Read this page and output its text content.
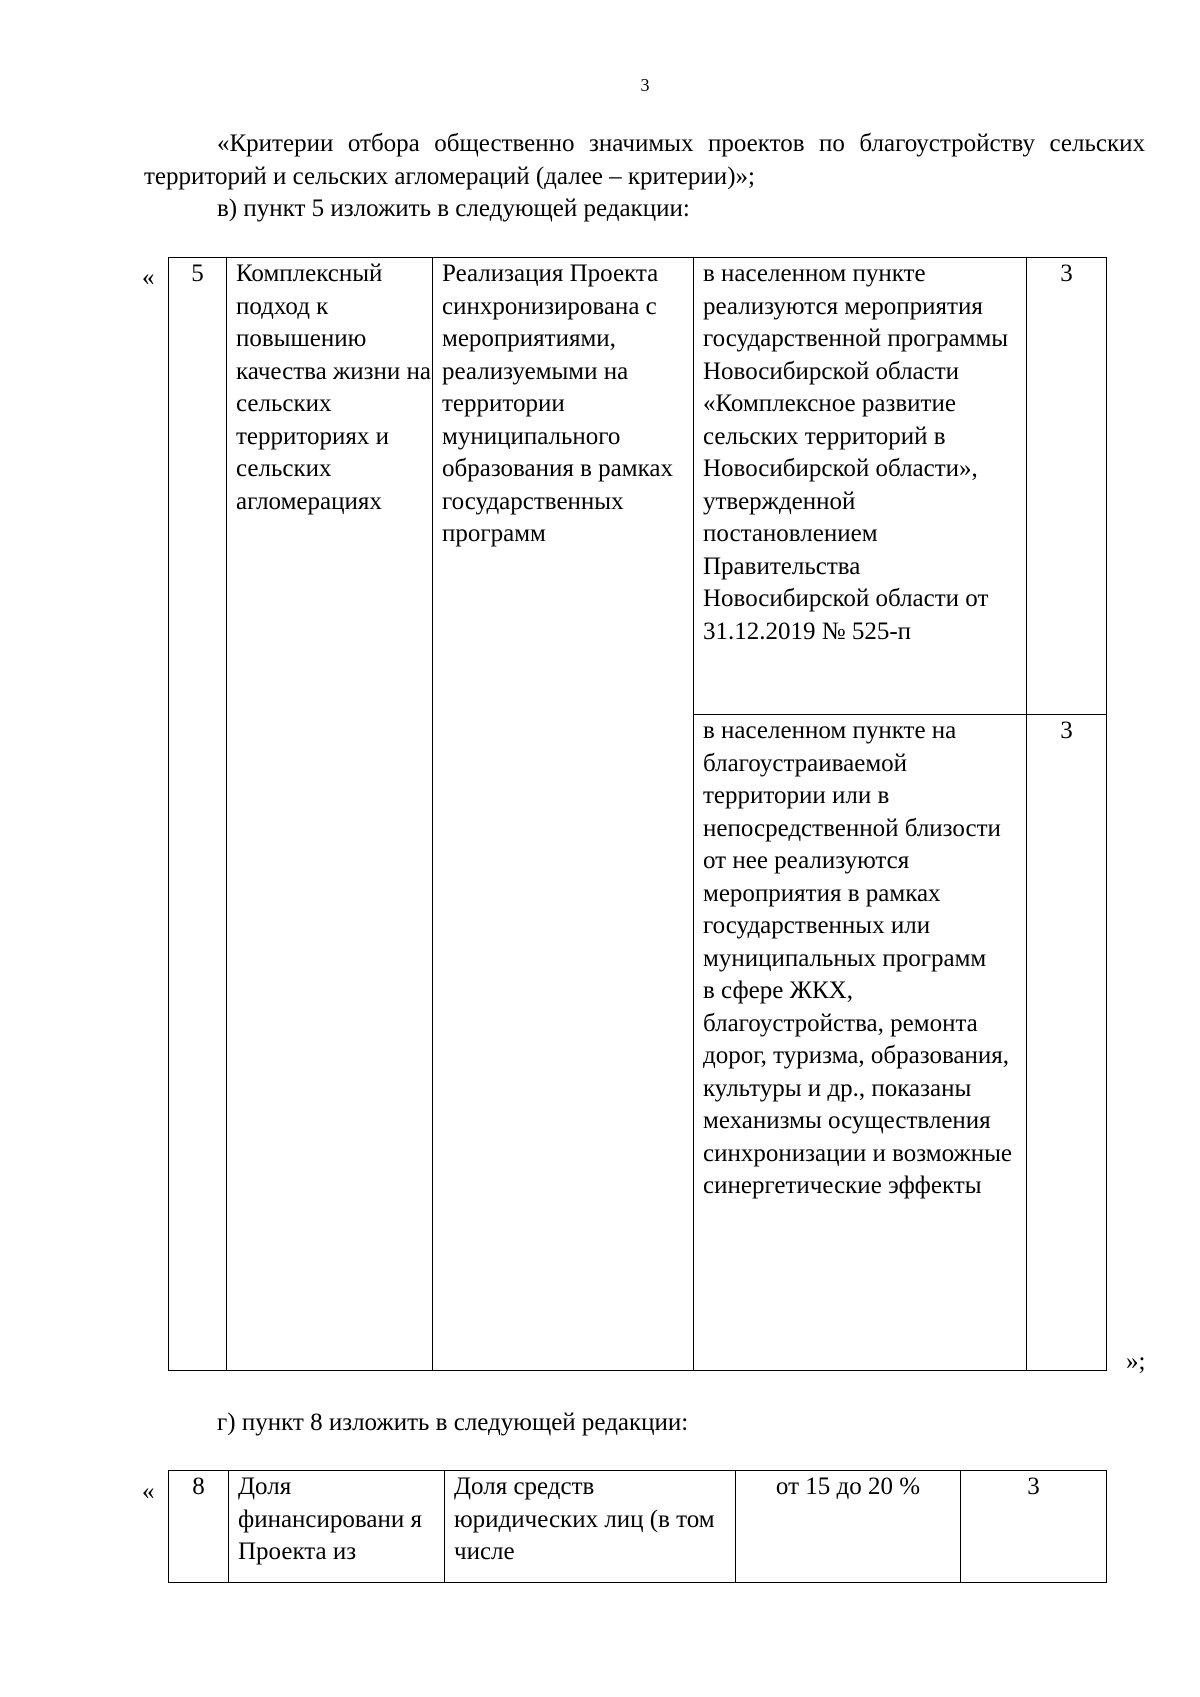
3

«Критерии отбора общественно значимых проектов по благоустройству сельских территорий и сельских агломераций (далее – критерии)»;

в) пункт 5 изложить в следующей редакции:

« 5	Комплексный подход к повышению качества жизни на сельских территориях и сельских агломерациях	Реализация Проекта синхронизирована с мероприятиями, реализуемыми на территории муниципального образования в рамках государственных программ	в населенном пункте реализуются мероприятия государственной программы Новосибирской области «Комплексное развитие сельских территорий в Новосибирской области», утвержденной постановлением Правительства Новосибирской области от 31.12.2019 № 525-п	3
			в населенном пункте на благоустраиваемой территории или в непосредственной близости от нее реализуются мероприятия в рамках государственных или муниципальных программ
в сфере ЖКХ, благоустройства, ремонта дорог, туризма, образования, культуры и др., показаны механизмы осуществления синхронизации и возможные синергетические эффекты	3
»;

г) пункт 8 изложить в следующей редакции:

« 8	Доля финансировани я Проекта из	Доля средств юридических лиц (в том числе	от 15 до 20 %	3
